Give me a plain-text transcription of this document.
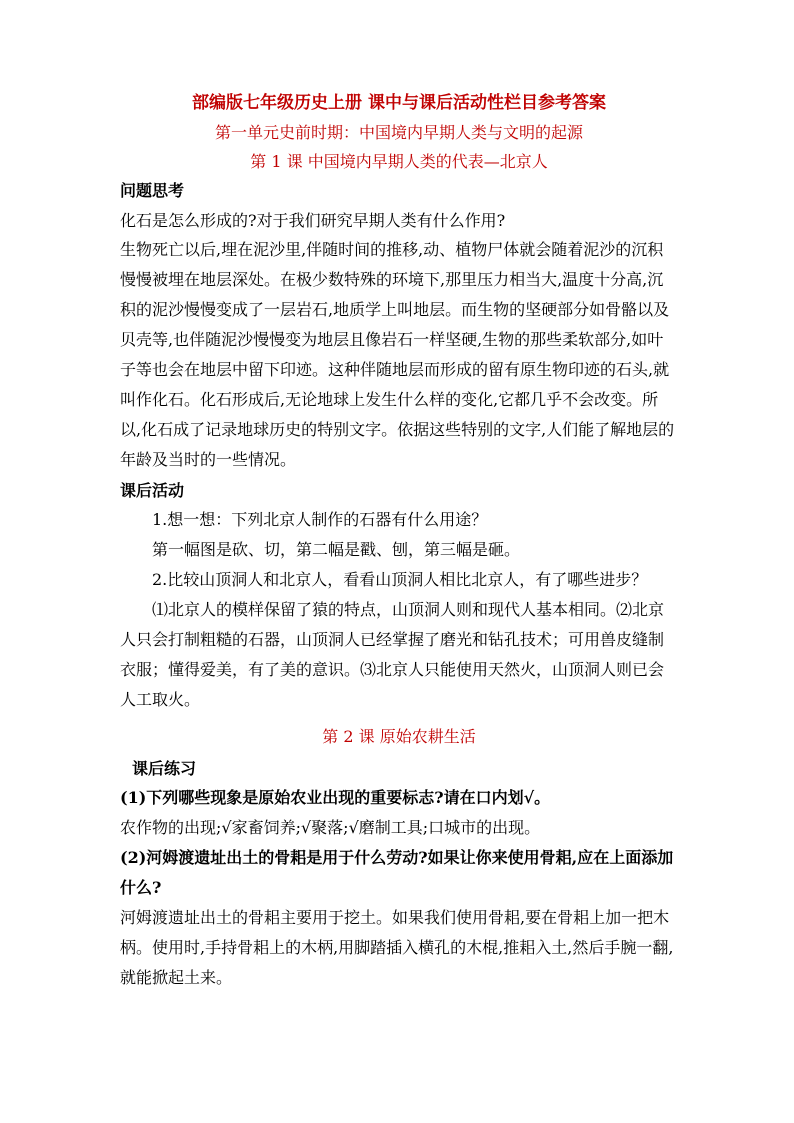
部编版七年级历史上册 课中与课后活动性栏目参考答案

第一单元史前时期：中国境内早期人类与文明的起源

第 1 课 中国境内早期人类的代表—北京人

问题思考

化石是怎么形成的?对于我们研究早期人类有什么作用?

生物死亡以后,埋在泥沙里,伴随时间的推移,动、植物尸体就会随着泥沙的沉积慢慢被埋在地层深处。在极少数特殊的环境下,那里压力相当大,温度十分高,沉积的泥沙慢慢变成了一层岩石,地质学上叫地层。而生物的坚硬部分如骨骼以及贝壳等,也伴随泥沙慢慢变为地层且像岩石一样坚硬,生物的那些柔软部分,如叶子等也会在地层中留下印迹。这种伴随地层而形成的留有原生物印迹的石头,就叫作化石。化石形成后,无论地球上发生什么样的变化,它都几乎不会改变。所以,化石成了记录地球历史的特别文字。依据这些特别的文字,人们能了解地层的年龄及当时的一些情况。

课后活动

1.想一想：下列北京人制作的石器有什么用途？

第一幅图是砍、切，第二幅是戳、刨，第三幅是砸。

2.比较山顶洞人和北京人，看看山顶洞人相比北京人，有了哪些进步？

⑴北京人的模样保留了猿的特点，山顶洞人则和现代人基本相同。⑵北京人只会打制粗糙的石器，山顶洞人已经掌握了磨光和钻孔技术；可用兽皮缝制衣服；懂得爱美，有了美的意识。⑶北京人只能使用天然火，山顶洞人则已会人工取火。

第 2 课 原始农耕生活

课后练习

(1)下列哪些现象是原始农业出现的重要标志?请在口内划√。

农作物的出现;√家畜饲养;√聚落;√磨制工具;口城市的出现。

(2)河姆渡遗址出土的骨耜是用于什么劳动?如果让你来使用骨耜,应在上面添加什么?

河姆渡遗址出土的骨耜主要用于挖土。如果我们使用骨耜,要在骨耜上加一把木柄。使用时,手持骨耜上的木柄,用脚踏插入横孔的木棍,推耜入土,然后手腕一翻,就能掀起土来。
